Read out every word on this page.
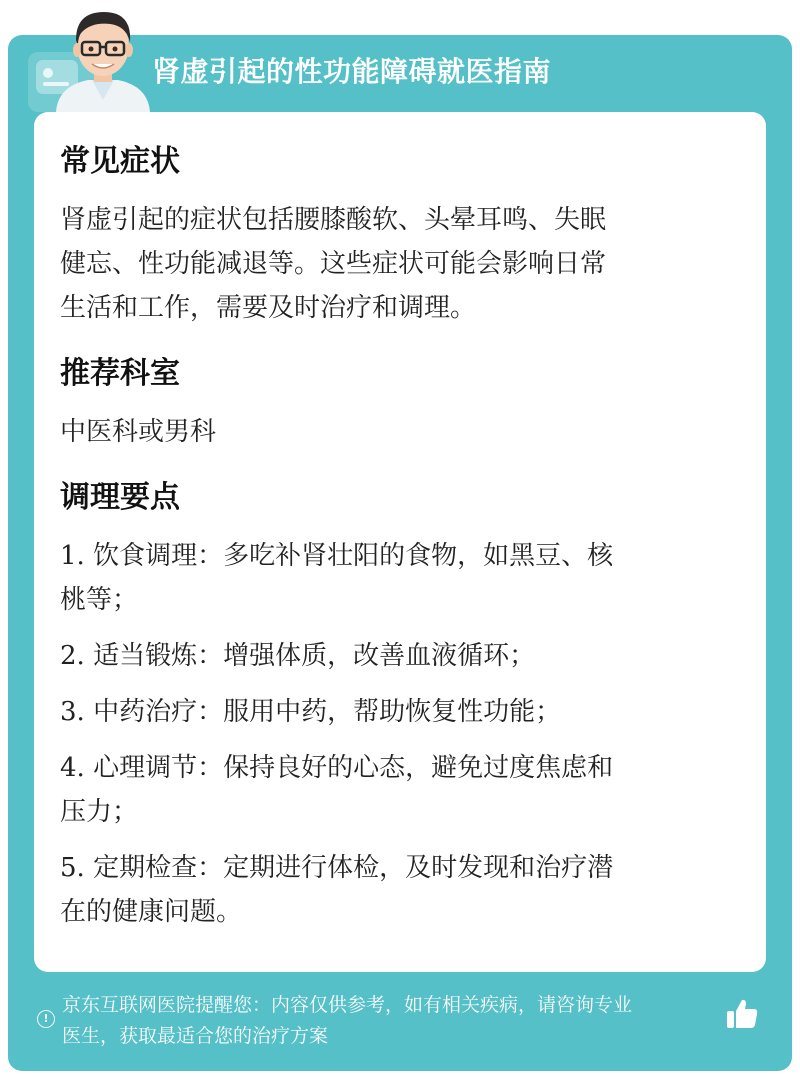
肾虚引起的性功能障碍就医指南
常见症状
肾虚引起的症状包括腰膝酸软、头晕耳鸣、失眠
健忘、性功能减退等。这些症状可能会影响日常
生活和工作，需要及时治疗和调理。
推荐科室
中医科或男科
调理要点
1. 饮食调理：多吃补肾壮阳的食物，如黑豆、核
桃等；
2. 适当锻炼：增强体质，改善血液循环；
3. 中药治疗：服用中药，帮助恢复性功能；
4. 心理调节：保持良好的心态，避免过度焦虑和
压力；
5. 定期检查：定期进行体检，及时发现和治疗潜
在的健康问题。
!
京东互联网医院提醒您：内容仅供参考，如有相关疾病，请咨询专业
医生，获取最适合您的治疗方案
